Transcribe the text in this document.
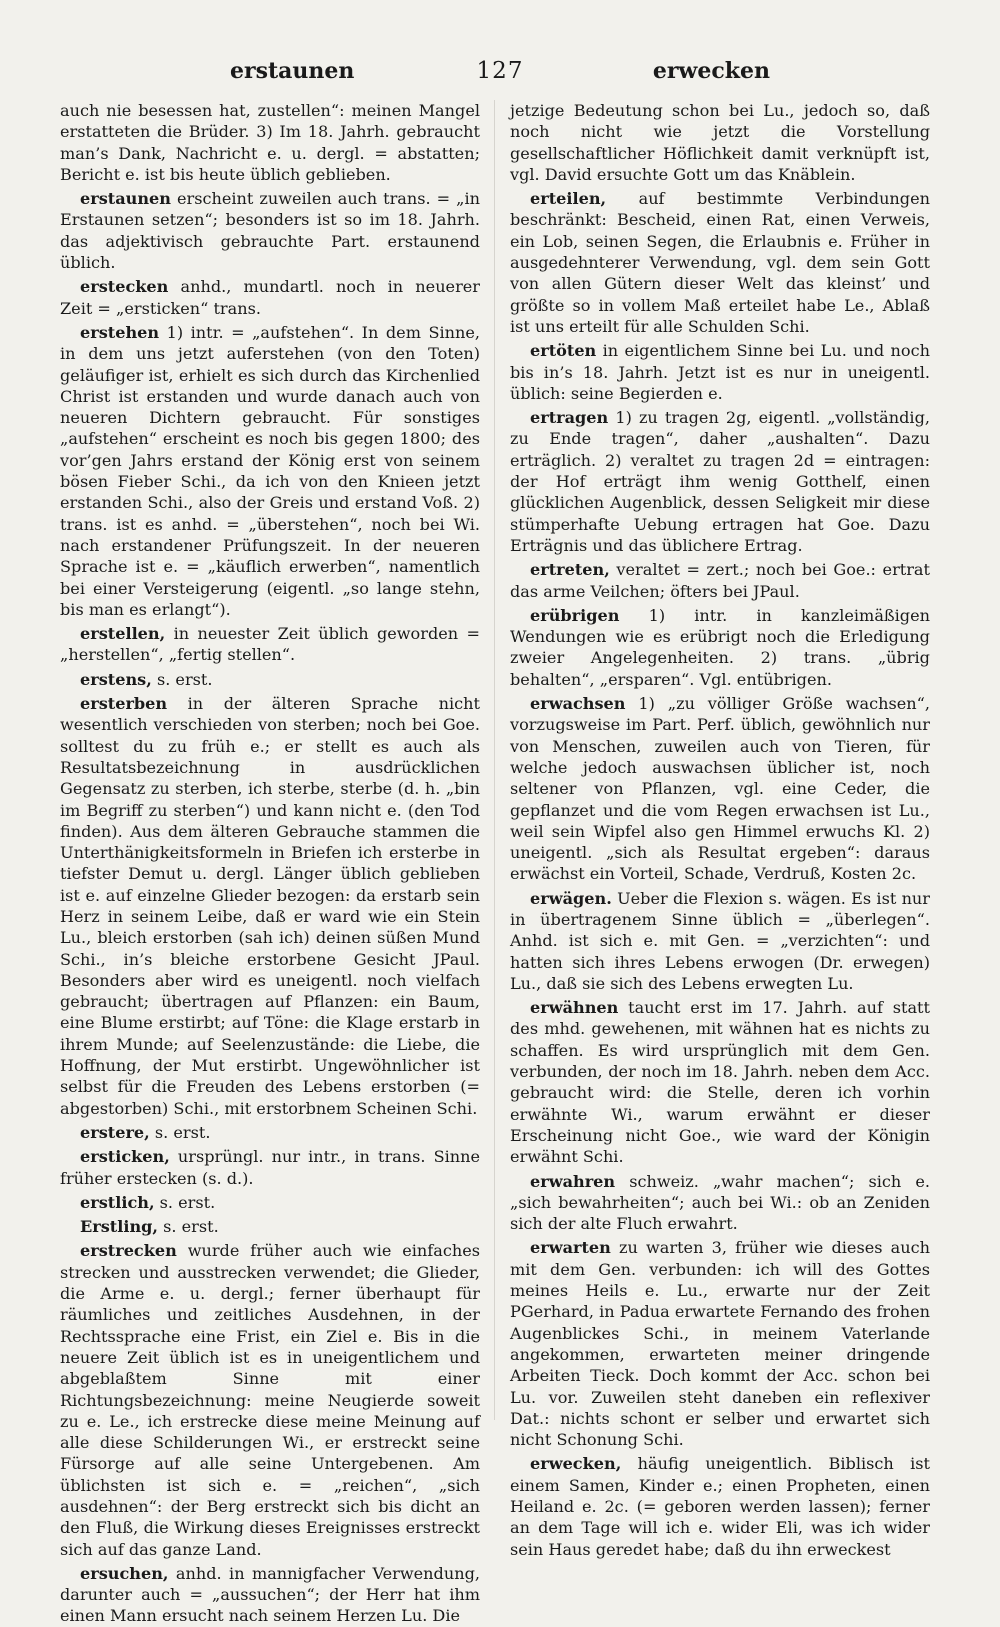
erstaunen	127	erwecken

auch nie besessen hat, zustellen“: meinen Mangel erstatteten die Brüder. 3) Im 18. Jahrh. gebraucht man’s Dank, Nachricht e. u. dergl. = abstatten; Bericht e. ist bis heute üblich geblieben.

erstaunen erscheint zuweilen auch trans. = „in Erstaunen setzen“; besonders ist so im 18. Jahrh. das adjektivisch gebrauchte Part. erstaunend üblich.

erstecken anhd., mundartl. noch in neuerer Zeit = „ersticken“ trans.

erstehen 1) intr. = „aufstehen“. In dem Sinne, in dem uns jetzt auferstehen (von den Toten) geläufiger ist, erhielt es sich durch das Kirchenlied Christ ist erstanden und wurde danach auch von neueren Dichtern gebraucht. Für sonstiges „aufstehen“ erscheint es noch bis gegen 1800; des vor’gen Jahrs erstand der König erst von seinem bösen Fieber Schi., da ich von den Knieen jetzt erstanden Schi., also der Greis und erstand Voß. 2) trans. ist es anhd. = „überstehen“, noch bei Wi. nach erstandener Prüfungszeit. In der neueren Sprache ist e. = „käuflich erwerben“, namentlich bei einer Versteigerung (eigentl. „so lange stehn, bis man es erlangt“).

erstellen, in neuester Zeit üblich geworden = „herstellen“, „fertig stellen“.

erstens, s. erst.

ersterben in der älteren Sprache nicht wesentlich verschieden von sterben; noch bei Goe. solltest du zu früh e.; er stellt es auch als Resultatsbezeichnung in ausdrücklichen Gegensatz zu sterben, ich sterbe, sterbe (d. h. „bin im Begriff zu sterben“) und kann nicht e. (den Tod finden). Aus dem älteren Gebrauche stammen die Unterthänigkeitsformeln in Briefen ich ersterbe in tiefster Demut u. dergl. Länger üblich geblieben ist e. auf einzelne Glieder bezogen: da erstarb sein Herz in seinem Leibe, daß er ward wie ein Stein Lu., bleich erstorben (sah ich) deinen süßen Mund Schi., in’s bleiche erstorbene Gesicht JPaul. Besonders aber wird es uneigentl. noch vielfach gebraucht; übertragen auf Pflanzen: ein Baum, eine Blume erstirbt; auf Töne: die Klage erstarb in ihrem Munde; auf Seelenzustände: die Liebe, die Hoffnung, der Mut erstirbt. Ungewöhnlicher ist selbst für die Freuden des Lebens erstorben (= abgestorben) Schi., mit erstorbnem Scheinen Schi.

erstere, s. erst.

ersticken, ursprüngl. nur intr., in trans. Sinne früher erstecken (s. d.).

erstlich, s. erst.

Erstling, s. erst.

erstrecken wurde früher auch wie einfaches strecken und ausstrecken verwendet; die Glieder, die Arme e. u. dergl.; ferner überhaupt für räumliches und zeitliches Ausdehnen, in der Rechtssprache eine Frist, ein Ziel e. Bis in die neuere Zeit üblich ist es in uneigentlichem und abgeblaßtem Sinne mit einer Richtungsbezeichnung: meine Neugierde soweit zu e. Le., ich erstrecke diese meine Meinung auf alle diese Schilderungen Wi., er erstreckt seine Fürsorge auf alle seine Untergebenen. Am üblichsten ist sich e. = „reichen“, „sich ausdehnen“: der Berg erstreckt sich bis dicht an den Fluß, die Wirkung dieses Ereignisses erstreckt sich auf das ganze Land.

ersuchen, anhd. in mannigfacher Verwendung, darunter auch = „aussuchen“; der Herr hat ihm einen Mann ersucht nach seinem Herzen Lu. Die

jetzige Bedeutung schon bei Lu., jedoch so, daß noch nicht wie jetzt die Vorstellung gesellschaftlicher Höflichkeit damit verknüpft ist, vgl. David ersuchte Gott um das Knäblein.

erteilen, auf bestimmte Verbindungen beschränkt: Bescheid, einen Rat, einen Verweis, ein Lob, seinen Segen, die Erlaubnis e. Früher in ausgedehnterer Verwendung, vgl. dem sein Gott von allen Gütern dieser Welt das kleinst’ und größte so in vollem Maß erteilet habe Le., Ablaß ist uns erteilt für alle Schulden Schi.

ertöten in eigentlichem Sinne bei Lu. und noch bis in’s 18. Jahrh. Jetzt ist es nur in uneigentl. üblich: seine Begierden e.

ertragen 1) zu tragen 2g, eigentl. „vollständig, zu Ende tragen“, daher „aushalten“. Dazu erträglich. 2) veraltet zu tragen 2d = eintragen: der Hof erträgt ihm wenig Gotthelf, einen glücklichen Augenblick, dessen Seligkeit mir diese stümperhafte Uebung ertragen hat Goe. Dazu Erträgnis und das üblichere Ertrag.

ertreten, veraltet = zert.; noch bei Goe.: ertrat das arme Veilchen; öfters bei JPaul.

erübrigen 1) intr. in kanzleimäßigen Wendungen wie es erübrigt noch die Erledigung zweier Angelegenheiten. 2) trans. „übrig behalten“, „ersparen“. Vgl. entübrigen.

erwachsen 1) „zu völliger Größe wachsen“, vorzugsweise im Part. Perf. üblich, gewöhnlich nur von Menschen, zuweilen auch von Tieren, für welche jedoch auswachsen üblicher ist, noch seltener von Pflanzen, vgl. eine Ceder, die gepflanzet und die vom Regen erwachsen ist Lu., weil sein Wipfel also gen Himmel erwuchs Kl. 2) uneigentl. „sich als Resultat ergeben“: daraus erwächst ein Vorteil, Schade, Verdruß, Kosten 2c.

erwägen. Ueber die Flexion s. wägen. Es ist nur in übertragenem Sinne üblich = „überlegen“. Anhd. ist sich e. mit Gen. = „verzichten“: und hatten sich ihres Lebens erwogen (Dr. erwegen) Lu., daß sie sich des Lebens erwegten Lu.

erwähnen taucht erst im 17. Jahrh. auf statt des mhd. gewehenen, mit wähnen hat es nichts zu schaffen. Es wird ursprünglich mit dem Gen. verbunden, der noch im 18. Jahrh. neben dem Acc. gebraucht wird: die Stelle, deren ich vorhin erwähnte Wi., warum erwähnt er dieser Erscheinung nicht Goe., wie ward der Königin erwähnt Schi.

erwahren schweiz. „wahr machen“; sich e. „sich bewahrheiten“; auch bei Wi.: ob an Zeniden sich der alte Fluch erwahrt.

erwarten zu warten 3, früher wie dieses auch mit dem Gen. verbunden: ich will des Gottes meines Heils e. Lu., erwarte nur der Zeit PGerhard, in Padua erwartete Fernando des frohen Augenblickes Schi., in meinem Vaterlande angekommen, erwarteten meiner dringende Arbeiten Tieck. Doch kommt der Acc. schon bei Lu. vor. Zuweilen steht daneben ein reflexiver Dat.: nichts schont er selber und erwartet sich nicht Schonung Schi.

erwecken, häufig uneigentlich. Biblisch ist einem Samen, Kinder e.; einen Propheten, einen Heiland e. 2c. (= geboren werden lassen); ferner an dem Tage will ich e. wider Eli, was ich wider sein Haus geredet habe; daß du ihn erweckest
